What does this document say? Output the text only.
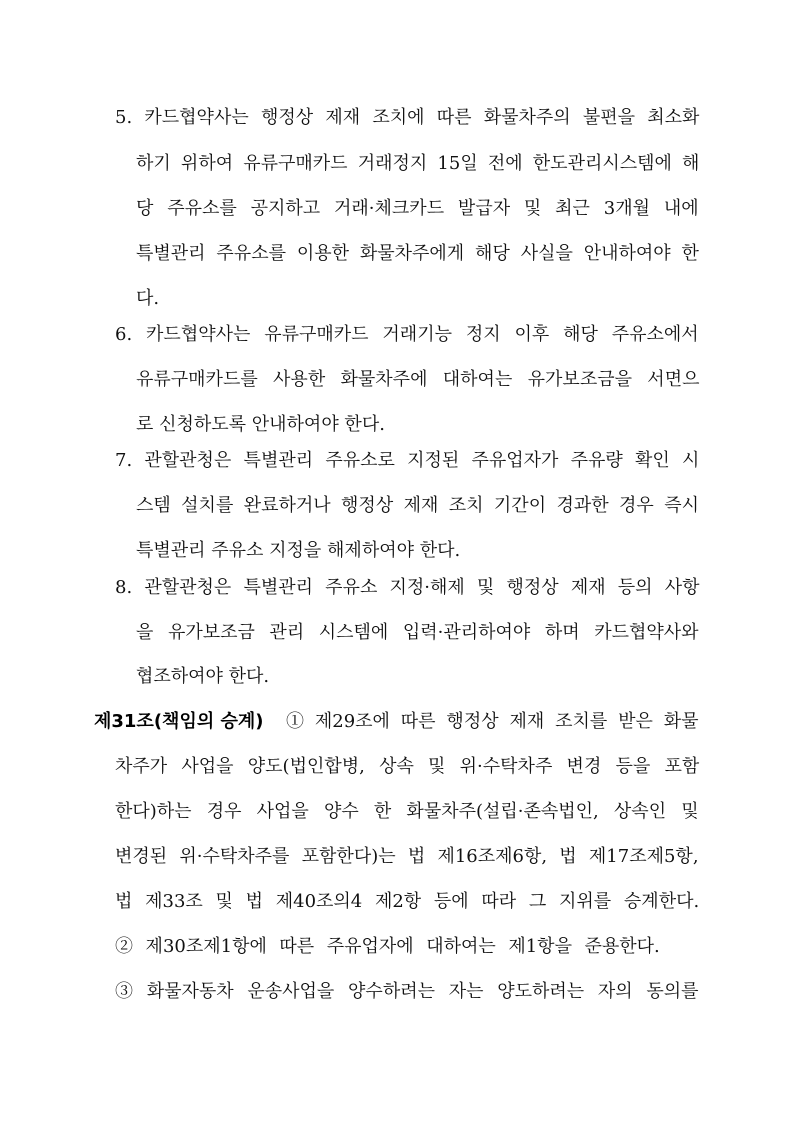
5. 카드협약사는 행정상 제재 조치에 따른 화물차주의 불편을 최소화
하기 위하여 유류구매카드 거래정지 15일 전에 한도관리시스템에 해
당 주유소를 공지하고 거래·체크카드 발급자 및 최근 3개월 내에
특별관리 주유소를 이용한 화물차주에게 해당 사실을 안내하여야 한
다.
6. 카드협약사는 유류구매카드 거래기능 정지 이후 해당 주유소에서
유류구매카드를 사용한 화물차주에 대하여는 유가보조금을 서면으
로 신청하도록 안내하여야 한다.
7. 관할관청은 특별관리 주유소로 지정된 주유업자가 주유량 확인 시
스템 설치를 완료하거나 행정상 제재 조치 기간이 경과한 경우 즉시
특별관리 주유소 지정을 해제하여야 한다.
8. 관할관청은 특별관리 주유소 지정·해제 및 행정상 제재 등의 사항
을 유가보조금 관리 시스템에 입력·관리하여야 하며 카드협약사와
협조하여야 한다.
제31조(책임의 승계) ① 제29조에 따른 행정상 제재 조치를 받은 화물
차주가 사업을 양도(법인합병, 상속 및 위·수탁차주 변경 등을 포함
한다)하는 경우 사업을 양수 한 화물차주(설립·존속법인, 상속인 및
변경된 위·수탁차주를 포함한다)는 법 제16조제6항, 법 제17조제5항,
법 제33조 및 법 제40조의4 제2항 등에 따라 그 지위를 승계한다.
② 제30조제1항에 따른 주유업자에 대하여는 제1항을 준용한다.
③ 화물자동차 운송사업을 양수하려는 자는 양도하려는 자의 동의를
